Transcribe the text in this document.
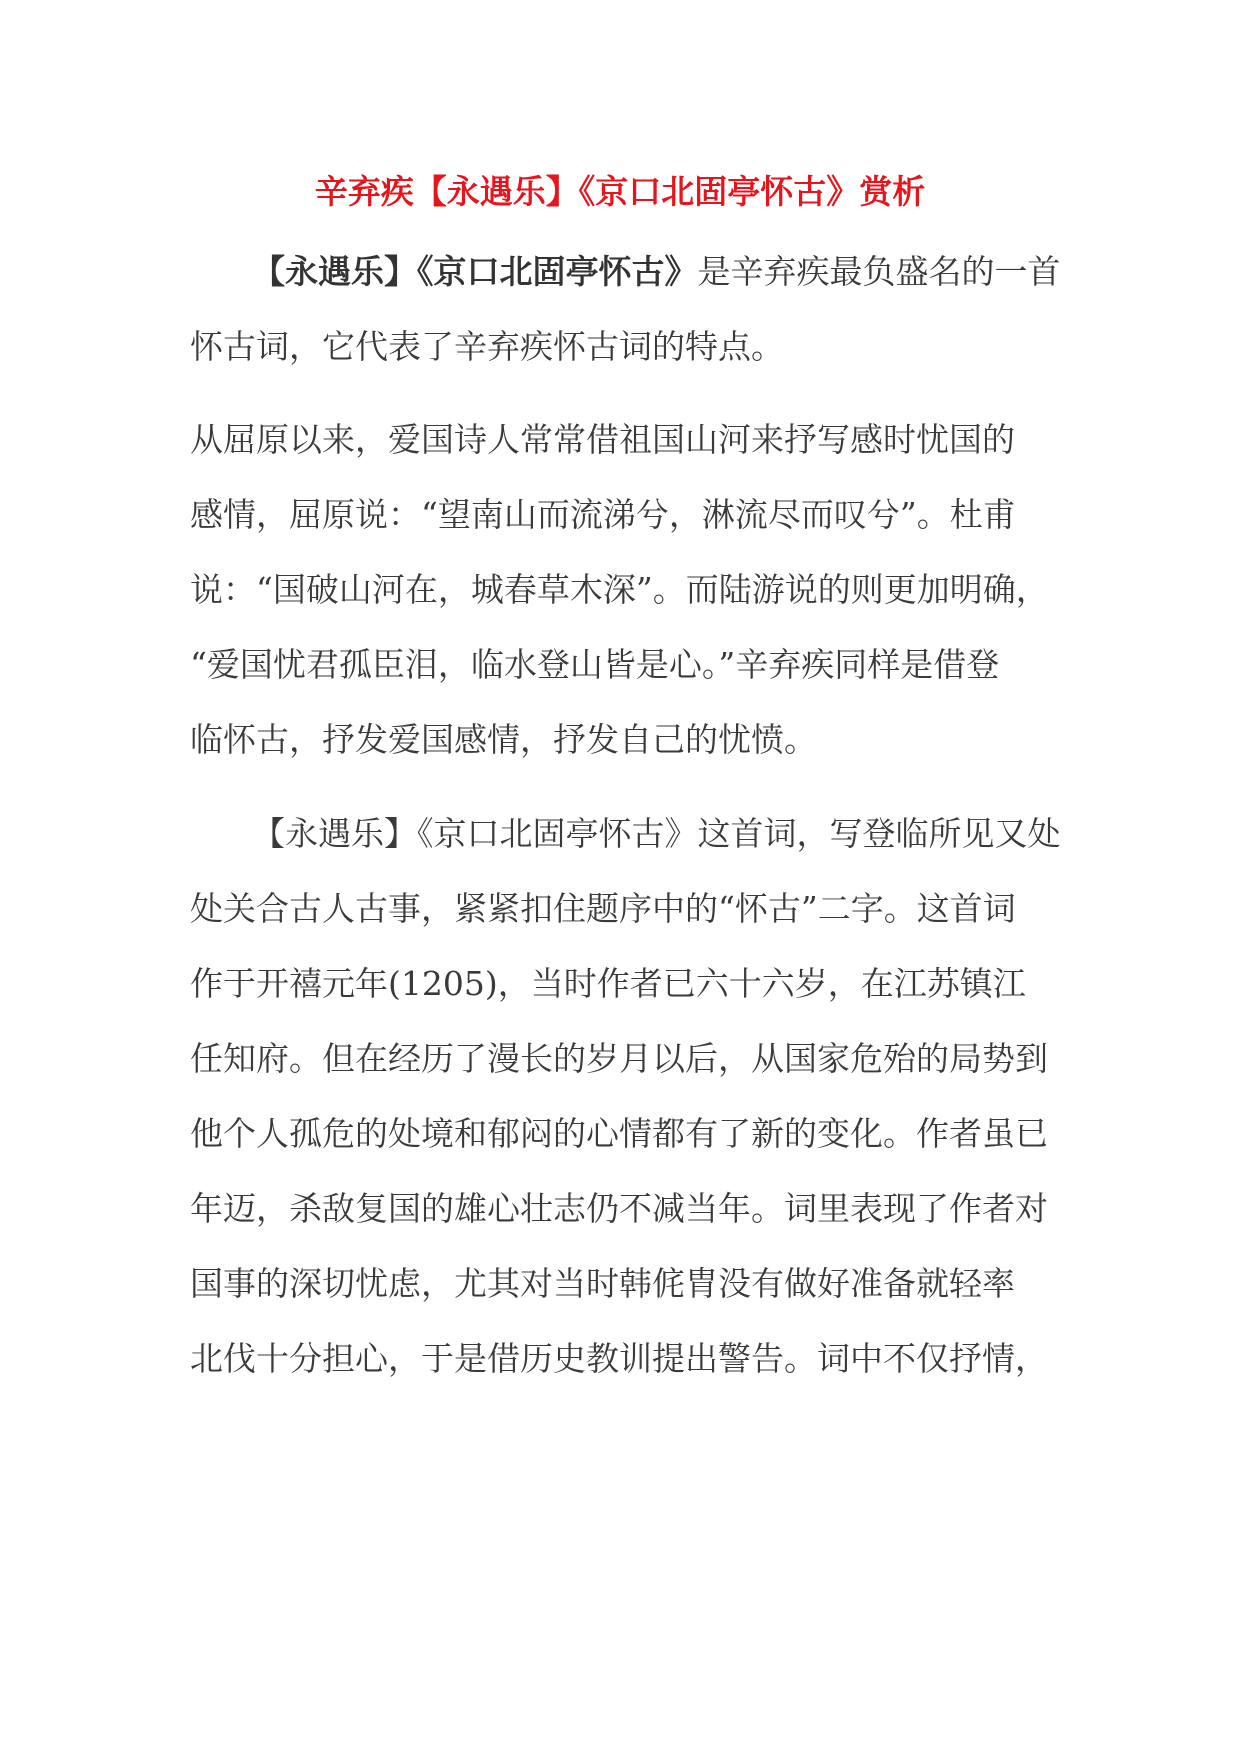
辛弃疾【永遇乐】《京口北固亭怀古》赏析
【永遇乐】《京口北固亭怀古》是辛弃疾最负盛名的一首
怀古词，它代表了辛弃疾怀古词的特点。
从屈原以来，爱国诗人常常借祖国山河来抒写感时忧国的
感情，屈原说：“望南山而流涕兮，淋流尽而叹兮”。杜甫
说：“国破山河在，城春草木深”。而陆游说的则更加明确，
“爱国忧君孤臣泪，临水登山皆是心。”辛弃疾同样是借登
临怀古，抒发爱国感情，抒发自己的忧愤。
【永遇乐】《京口北固亭怀古》这首词，写登临所见又处
处关合古人古事，紧紧扣住题序中的“怀古”二字。这首词
作于开禧元年(1205)，当时作者已六十六岁，在江苏镇江
任知府。但在经历了漫长的岁月以后，从国家危殆的局势到
他个人孤危的处境和郁闷的心情都有了新的变化。作者虽已
年迈，杀敌复国的雄心壮志仍不减当年。词里表现了作者对
国事的深切忧虑，尤其对当时韩侂胄没有做好准备就轻率
北伐十分担心，于是借历史教训提出警告。词中不仅抒情，
